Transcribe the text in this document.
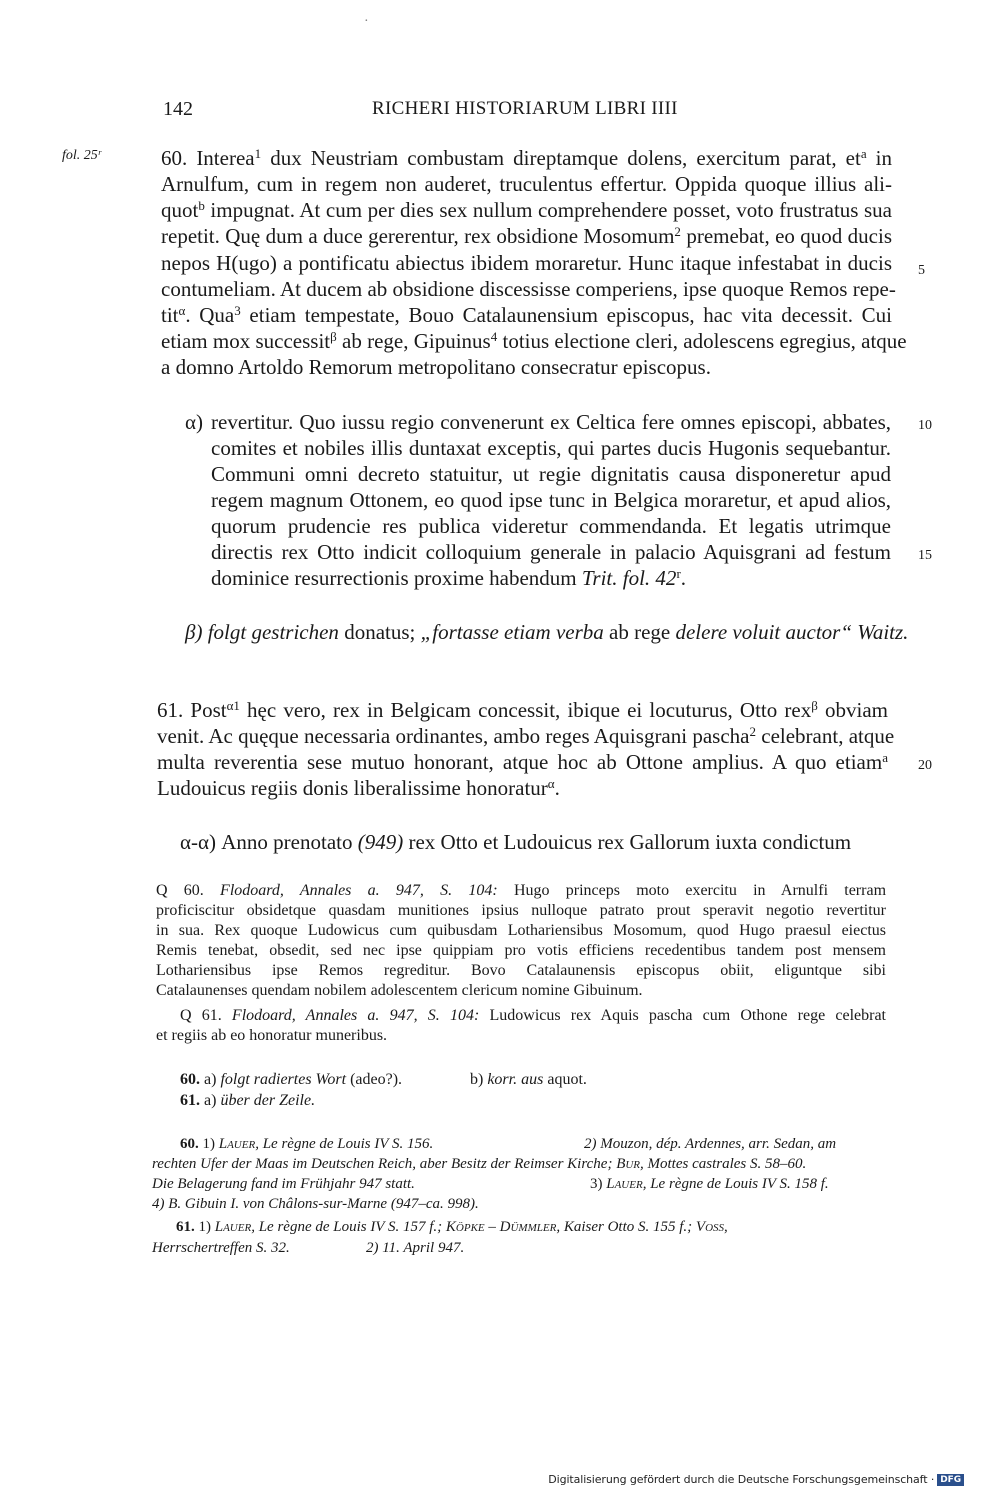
·
142	RICHERI HISTORIARUM LIBRI IIII
fol. 25ʳ	60. Interea$^1$ dux Neustriam combustam direptamque dolens, exercitum parat, $et^a$ in
Arnulfum, cum in regem non auderet, truculentus effertur. Oppida quoque illius ali-
quot$^b$ impugnat. At cum per dies sex nullum comprehendere posset, voto frustratus sua
repetit. Quę dum a duce gererentur, rex obsidione Mosomum$^2$ premebat, eo quod ducis
nepos H(ugo) a pontificatu abiectus ibidem moraretur. Hunc itaque infestabat in ducis
contumeliam. At ducem ab obsidione discessisse comperiens, ipse quoque Remos repe-
tit$^\alpha$. Qua$^3$ etiam tempestate, Bouo Catalaunensium episcopus, hac vita decessit. Cui
etiam mox successit$^\beta$ ab rege, Gipuinus$^4$ totius electione cleri, adolescens egregius, atque
a domno Artoldo Remorum metropolitano consecratur episcopus.
5
α) revertitur. Quo iussu regio convenerunt ex Celtica fere omnes episcopi, abbates,
comites et nobiles illis duntaxat exceptis, qui partes ducis Hugonis sequebantur.
Communi omni decreto statuitur, ut regie dignitatis causa disponeretur apud
regem magnum Ottonem, eo quod ipse tunc in Belgica moraretur, et apud alios,
quorum prudencie res publica videretur commendanda. Et legatis utrimque
directis rex Otto indicit colloquium generale in palacio Aquisgrani ad festum
dominice resurrectionis proxime habendum Trit. fol. 42$^r$.
10
15
β) folgt gestrichen donatus; „fortasse etiam verba ab rege delere voluit auctor“ Waitz.
61. Post$^{\alpha 1}$ hęc vero, rex in Belgicam concessit, ibique ei locuturus, Otto rex$^\beta$ obviam
venit. Ac quęque necessaria ordinantes, ambo reges Aquisgrani pascha$^2$ celebrant, atque
multa reverentia sese mutuo honorant, atque hoc ab Ottone amplius. A quo etiam$^a$
Ludouicus regiis donis liberalissime honoratur$^\alpha$.
20
α-α) Anno prenotato (949) rex Otto et Ludouicus rex Gallorum iuxta condictum
Q 60. Flodoard, Annales a. 947, S. 104: Hugo princeps moto exercitu in Arnulfi terram
proficiscitur obsidetque quasdam munitiones ipsius nulloque patrato prout speravit negotio revertitur
in sua. Rex quoque Ludowicus cum quibusdam Lothariensibus Mosomum, quod Hugo praesul eiectus
Remis tenebat, obsedit, sed nec ipse quippiam pro votis efficiens recedentibus tandem post mensem
Lothariensibus ipse Remos regreditur. Bovo Catalaunensis episcopus obiit, eliguntque sibi
Catalaunenses quendam nobilem adolescentem clericum nomine Gibuinum.
Q 61. Flodoard, Annales a. 947, S. 104: Ludowicus rex Aquis pascha cum Othone rege celebrat
et regiis ab eo honoratur muneribus.
60. a) folgt radiertes Wort (adeo?).	b) korr. aus aquot.
61. a) über der Zeile.
60. 1) Lauer, Le règne de Louis IV S. 156.	2) Mouzon, dép. Ardennes, arr. Sedan, am
rechten Ufer der Maas im Deutschen Reich, aber Besitz der Reimser Kirche; Bur, Mottes castrales S. 58–60.
Die Belagerung fand im Frühjahr 947 statt.	3) Lauer, Le règne de Louis IV S. 158 f.
4) B. Gibuin I. von Châlons-sur-Marne (947–ca. 998).
61. 1) Lauer, Le règne de Louis IV S. 157 f.; Köpke – Dümmler, Kaiser Otto S. 155 f.; Voss,
Herrschertreffen S. 32.	2) 11. April 947.
Digitalisierung gefördert durch die Deutsche Forschungsgemeinschaft · DFG
